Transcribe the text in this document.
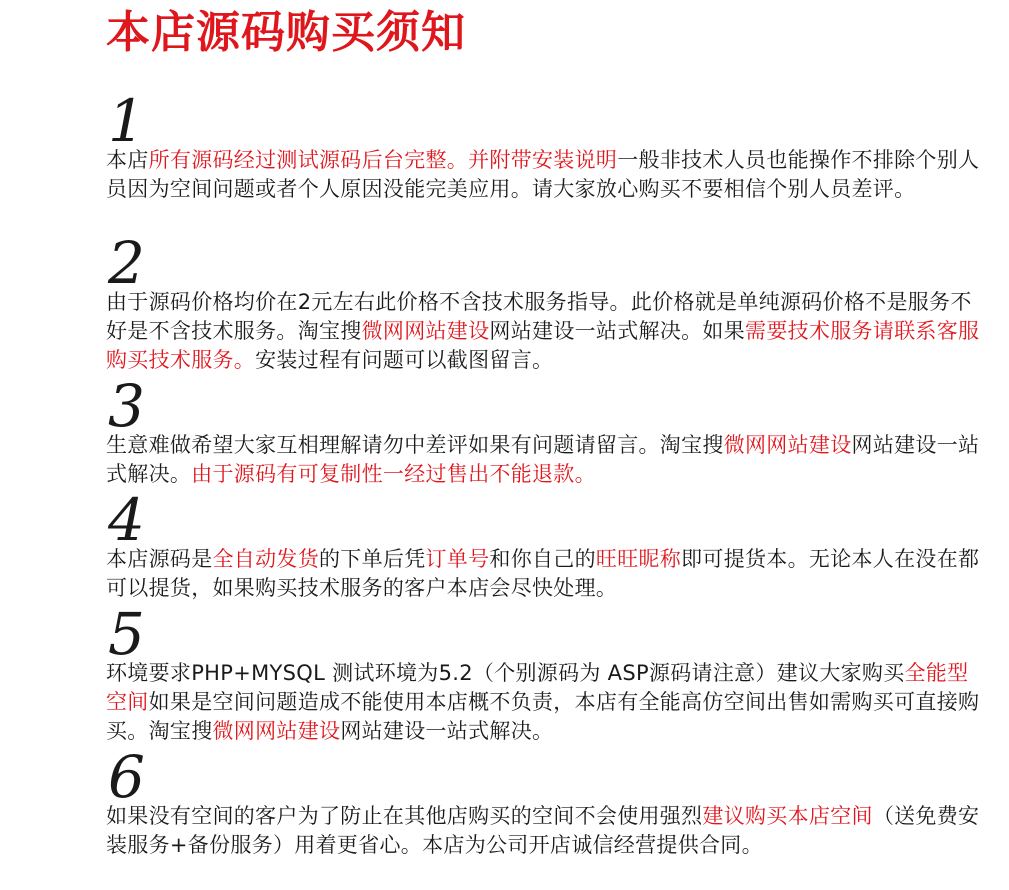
本店源码购买须知
1

本店所有源码经过测试源码后台完整。并附带安装说明一般非技术人员也能操作不排除个别人员因为空间问题或者个人原因没能完美应用。请大家放心购买不要相信个别人员差评。

2

由于源码价格均价在2元左右此价格不含技术服务指导。此价格就是单纯源码价格不是服务不好是不含技术服务。淘宝搜微网网站建设网站建设一站式解决。如果需要技术服务请联系客服购买技术服务。安装过程有问题可以截图留言。

3

生意难做希望大家互相理解请勿中差评如果有问题请留言。淘宝搜微网网站建设网站建设一站式解决。由于源码有可复制性一经过售出不能退款。

4

本店源码是全自动发货的下单后凭订单号和你自己的旺旺昵称即可提货本。无论本人在没在都可以提货，如果购买技术服务的客户本店会尽快处理。

5

环境要求PHP+MYSQL 测试环境为5.2（个别源码为 ASP源码请注意）建议大家购买全能型空间如果是空间问题造成不能使用本店概不负责，本店有全能高仿空间出售如需购买可直接购买。淘宝搜微网网站建设网站建设一站式解决。

6

如果没有空间的客户为了防止在其他店购买的空间不会使用强烈建议购买本店空间（送免费安装服务+备份服务）用着更省心。本店为公司开店诚信经营提供合同。
